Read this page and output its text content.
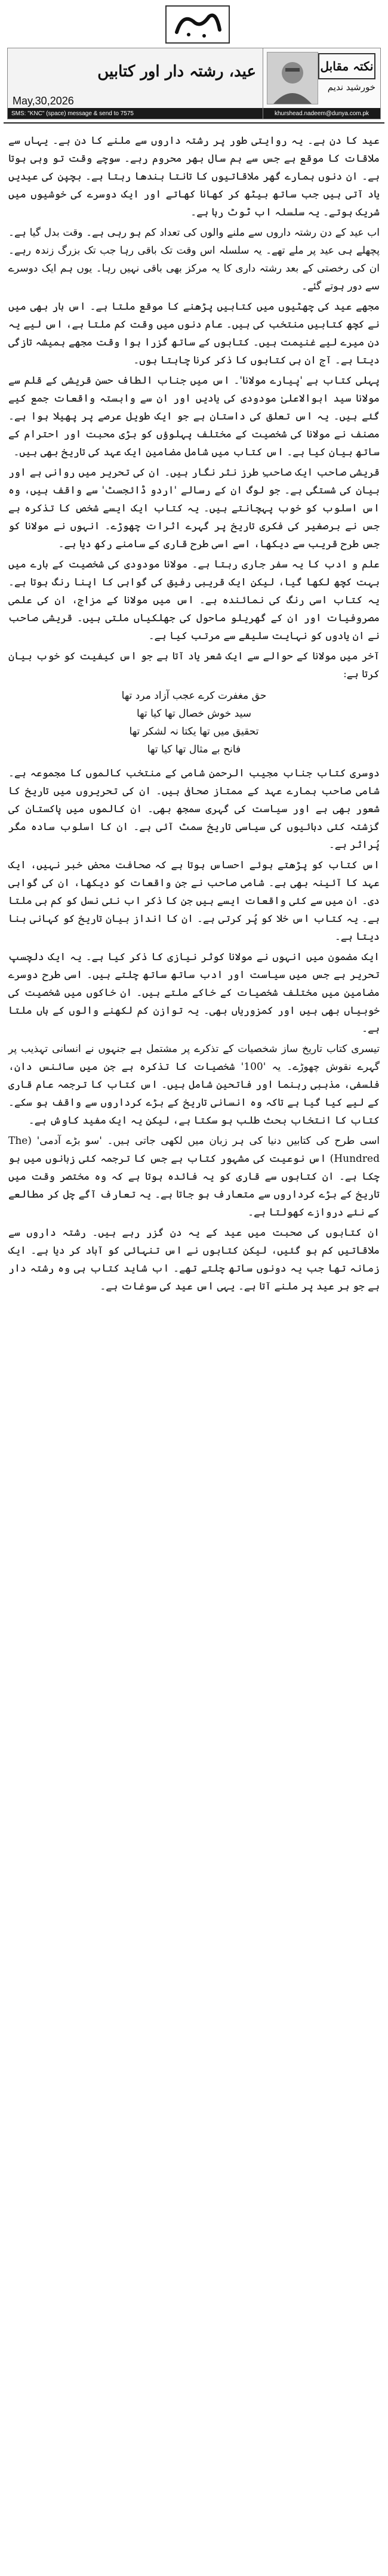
عید، رشتہ دار اور کتابیں
May,30,2026
SMS: "KNC" (space) message & send to 7575
نکتہ مقابل
خورشید ندیم
khurshead.nadeem@dunya.com.pk

عید کا دن ہے۔ یہ روایتی طور پر رشتہ داروں سے ملنے کا دن ہے۔ یہاں سے ملاقات کا موقع ہے جس سے ہم سال بھر محروم رہے۔ سوچے وقت تو وہی ہوتا ہے۔ ان دنوں ہمارے گھر ملاقاتیوں کا تانتا بندھا رہتا ہے۔ بچپن کی عیدیں یاد آتی ہیں جب ساتھ بیٹھ کر کھانا کھاتے اور ایک دوسرے کی خوشیوں میں شریک ہوتے۔ یہ سلسلہ اب ٹوٹ رہا ہے۔

اب عید کے دن رشتہ داروں سے ملنے والوں کی تعداد کم ہو رہی ہے۔ وقت بدل گیا ہے۔ پچھلے ہی عید پر ملے تھے۔ یہ سلسلہ اس وقت تک باقی رہا جب تک بزرگ زندہ رہے۔ ان کی رخصتی کے بعد رشتہ داری کا یہ مرکز بھی باقی نہیں رہا۔ یوں ہم ایک دوسرے سے دور ہوتے گئے۔

مجھے عید کی چھٹیوں میں کتابیں پڑھنے کا موقع ملتا ہے۔ اس بار بھی میں نے کچھ کتابیں منتخب کی ہیں۔ عام دنوں میں وقت کم ملتا ہے، اس لیے یہ دن میرے لیے غنیمت ہیں۔ کتابوں کے ساتھ گزرا ہوا وقت مجھے ہمیشہ تازگی دیتا ہے۔ آج ان ہی کتابوں کا ذکر کرنا چاہتا ہوں۔

پہلی کتاب ہے 'پیارے مولانا'۔ اس میں جناب الطاف حسن قریشی کے قلم سے مولانا سید ابوالاعلیٰ مودودی کی یادیں اور ان سے وابستہ واقعات جمع کیے گئے ہیں۔ یہ اس تعلق کی داستان ہے جو ایک طویل عرصے پر پھیلا ہوا ہے۔ مصنف نے مولانا کی شخصیت کے مختلف پہلوؤں کو بڑی محبت اور احترام کے ساتھ بیان کیا ہے۔ اس کتاب میں شامل مضامین ایک عہد کی تاریخ بھی ہیں۔

قریشی صاحب ایک صاحبِ طرز نثر نگار ہیں۔ ان کی تحریر میں روانی ہے اور بیان کی شستگی ہے۔ جو لوگ ان کے رسالے 'اردو ڈائجسٹ' سے واقف ہیں، وہ اس اسلوب کو خوب پہچانتے ہیں۔ یہ کتاب ایک ایسے شخص کا تذکرہ ہے جس نے برصغیر کی فکری تاریخ پر گہرے اثرات چھوڑے۔ انہوں نے مولانا کو جس طرح قریب سے دیکھا، اسے اسی طرح قاری کے سامنے رکھ دیا ہے۔

علم و ادب کا یہ سفر جاری رہتا ہے۔ مولانا مودودی کی شخصیت کے بارے میں بہت کچھ لکھا گیا، لیکن ایک قریبی رفیق کی گواہی کا اپنا رنگ ہوتا ہے۔ یہ کتاب اسی رنگ کی نمائندہ ہے۔ اس میں مولانا کے مزاج، ان کی علمی مصروفیات اور ان کے گھریلو ماحول کی جھلکیاں ملتی ہیں۔ قریشی صاحب نے ان یادوں کو نہایت سلیقے سے مرتب کیا ہے۔

آخر میں مولانا کے حوالے سے ایک شعر یاد آتا ہے جو اس کیفیت کو خوب بیان کرتا ہے:

حق مغفرت کرے عجب آزاد مرد تھا
سید خوش خصال تھا کیا تھا
تحقیق میں تھا یکتا نہ لشکر تھا
فانح بے مثال تھا کیا تھا

دوسری کتاب جناب مجیب الرحمن شامی کے منتخب کالموں کا مجموعہ ہے۔ شامی صاحب ہمارے عہد کے ممتاز صحافی ہیں۔ ان کی تحریروں میں تاریخ کا شعور بھی ہے اور سیاست کی گہری سمجھ بھی۔ ان کالموں میں پاکستان کی گزشتہ کئی دہائیوں کی سیاسی تاریخ سمٹ آئی ہے۔ ان کا اسلوب سادہ مگر پُراثر ہے۔

اس کتاب کو پڑھتے ہوئے احساس ہوتا ہے کہ صحافت محض خبر نہیں، ایک عہد کا آئینہ بھی ہے۔ شامی صاحب نے جن واقعات کو دیکھا، ان کی گواہی دی۔ ان میں سے کئی واقعات ایسے ہیں جن کا ذکر اب نئی نسل کو کم ہی ملتا ہے۔ یہ کتاب اس خلا کو پُر کرتی ہے۔ ان کا انداز بیان تاریخ کو کہانی بنا دیتا ہے۔

ایک مضمون میں انہوں نے مولانا کوثر نیازی کا ذکر کیا ہے۔ یہ ایک دلچسپ تحریر ہے جس میں سیاست اور ادب ساتھ ساتھ چلتے ہیں۔ اسی طرح دوسرے مضامین میں مختلف شخصیات کے خاکے ملتے ہیں۔ ان خاکوں میں شخصیت کی خوبیاں بھی ہیں اور کمزوریاں بھی۔ یہ توازن کم لکھنے والوں کے ہاں ملتا ہے۔

تیسری کتاب تاریخ ساز شخصیات کے تذکرے پر مشتمل ہے جنہوں نے انسانی تہذیب پر گہرے نقوش چھوڑے۔ یہ '100' شخصیات کا تذکرہ ہے جن میں سائنس دان، فلسفی، مذہبی رہنما اور فاتحین شامل ہیں۔ اس کتاب کا ترجمہ عام قاری کے لیے کیا گیا ہے تاکہ وہ انسانی تاریخ کے بڑے کرداروں سے واقف ہو سکے۔ کتاب کا انتخاب بحث طلب ہو سکتا ہے، لیکن یہ ایک مفید کاوش ہے۔

اسی طرح کی کتابیں دنیا کی ہر زبان میں لکھی جاتی ہیں۔ 'سو بڑے آدمی' (The Hundred) اس نوعیت کی مشہور کتاب ہے جس کا ترجمہ کئی زبانوں میں ہو چکا ہے۔ ان کتابوں سے قاری کو یہ فائدہ ہوتا ہے کہ وہ مختصر وقت میں تاریخ کے بڑے کرداروں سے متعارف ہو جاتا ہے۔ یہ تعارف آگے چل کر مطالعے کے نئے دروازے کھولتا ہے۔

ان کتابوں کی صحبت میں عید کے یہ دن گزر رہے ہیں۔ رشتہ داروں سے ملاقاتیں کم ہو گئیں، لیکن کتابوں نے اس تنہائی کو آباد کر دیا ہے۔ ایک زمانہ تھا جب یہ دونوں ساتھ چلتے تھے۔ اب شاید کتاب ہی وہ رشتہ دار ہے جو ہر عید پر ملنے آتا ہے۔ یہی اس عید کی سوغات ہے۔
